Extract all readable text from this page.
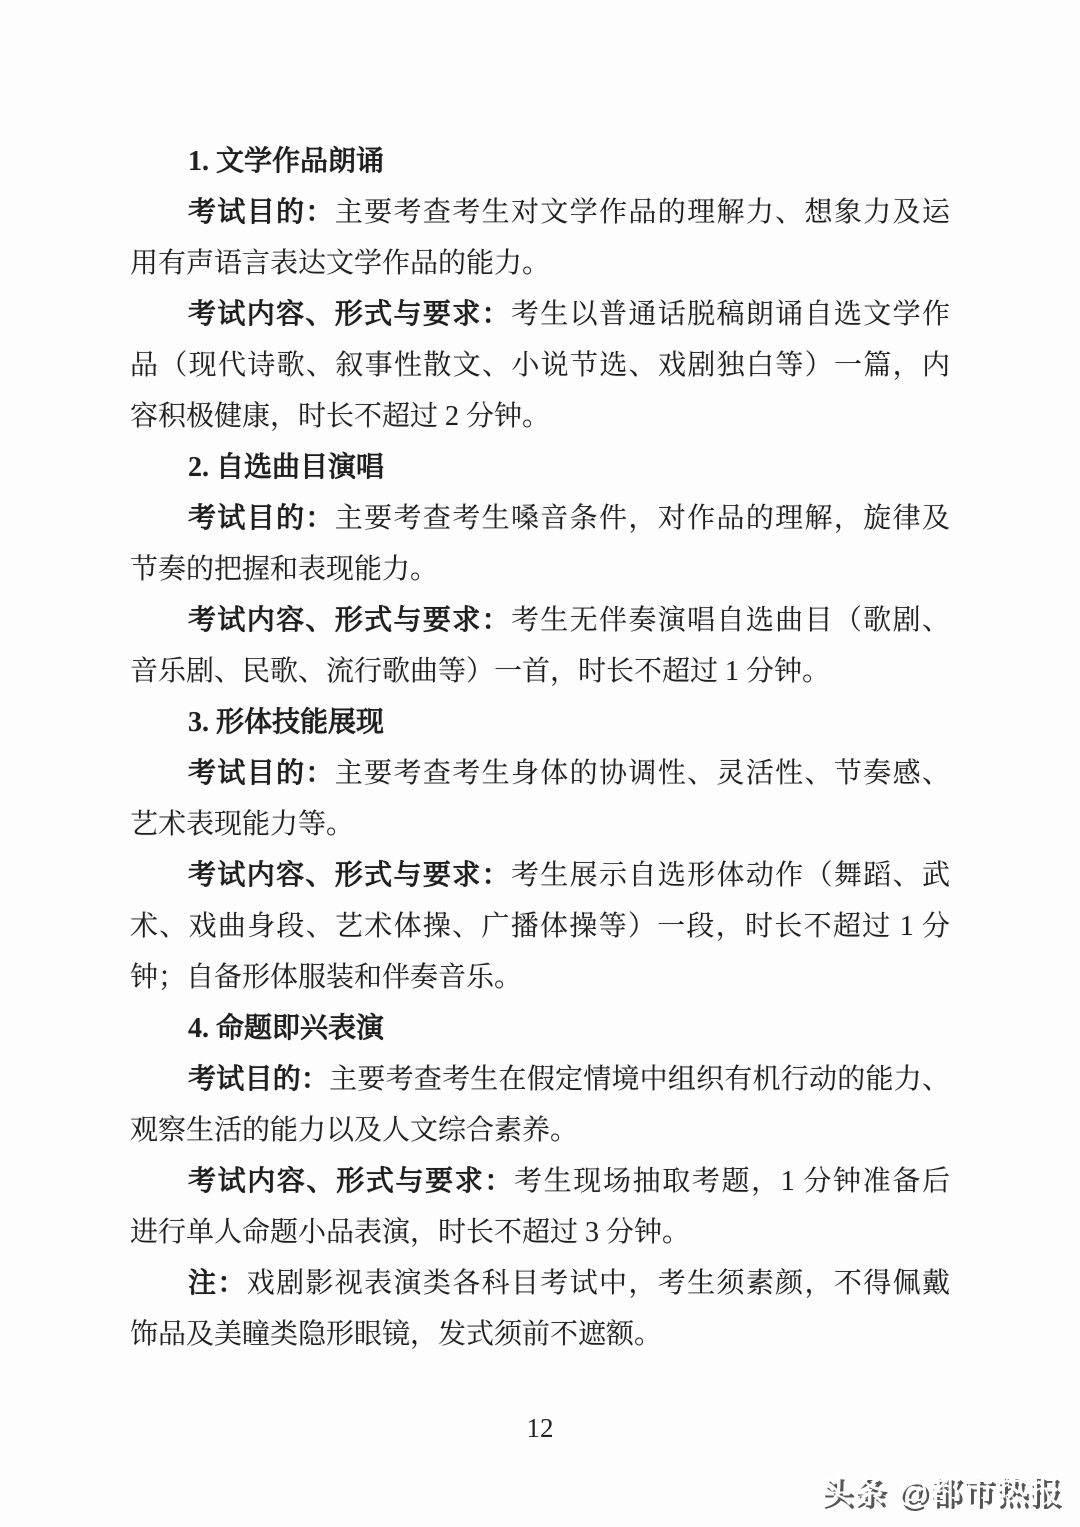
1. 文学作品朗诵
考试目的：主要考查考生对文学作品的理解力、想象力及运
用有声语言表达文学作品的能力。
考试内容、形式与要求：考生以普通话脱稿朗诵自选文学作
品（现代诗歌、叙事性散文、小说节选、戏剧独白等）一篇，内
容积极健康，时长不超过 2 分钟。
2. 自选曲目演唱
考试目的：主要考查考生嗓音条件，对作品的理解，旋律及
节奏的把握和表现能力。
考试内容、形式与要求：考生无伴奏演唱自选曲目（歌剧、
音乐剧、民歌、流行歌曲等）一首，时长不超过 1 分钟。
3. 形体技能展现
考试目的：主要考查考生身体的协调性、灵活性、节奏感、
艺术表现能力等。
考试内容、形式与要求：考生展示自选形体动作（舞蹈、武
术、戏曲身段、艺术体操、广播体操等）一段，时长不超过 1 分
钟；自备形体服装和伴奏音乐。
4. 命题即兴表演
考试目的：主要考查考生在假定情境中组织有机行动的能力、
观察生活的能力以及人文综合素养。
考试内容、形式与要求：考生现场抽取考题，1 分钟准备后
进行单人命题小品表演，时长不超过 3 分钟。
注：戏剧影视表演类各科目考试中，考生须素颜，不得佩戴
饰品及美瞳类隐形眼镜，发式须前不遮额。
12
头条 @都市热报
